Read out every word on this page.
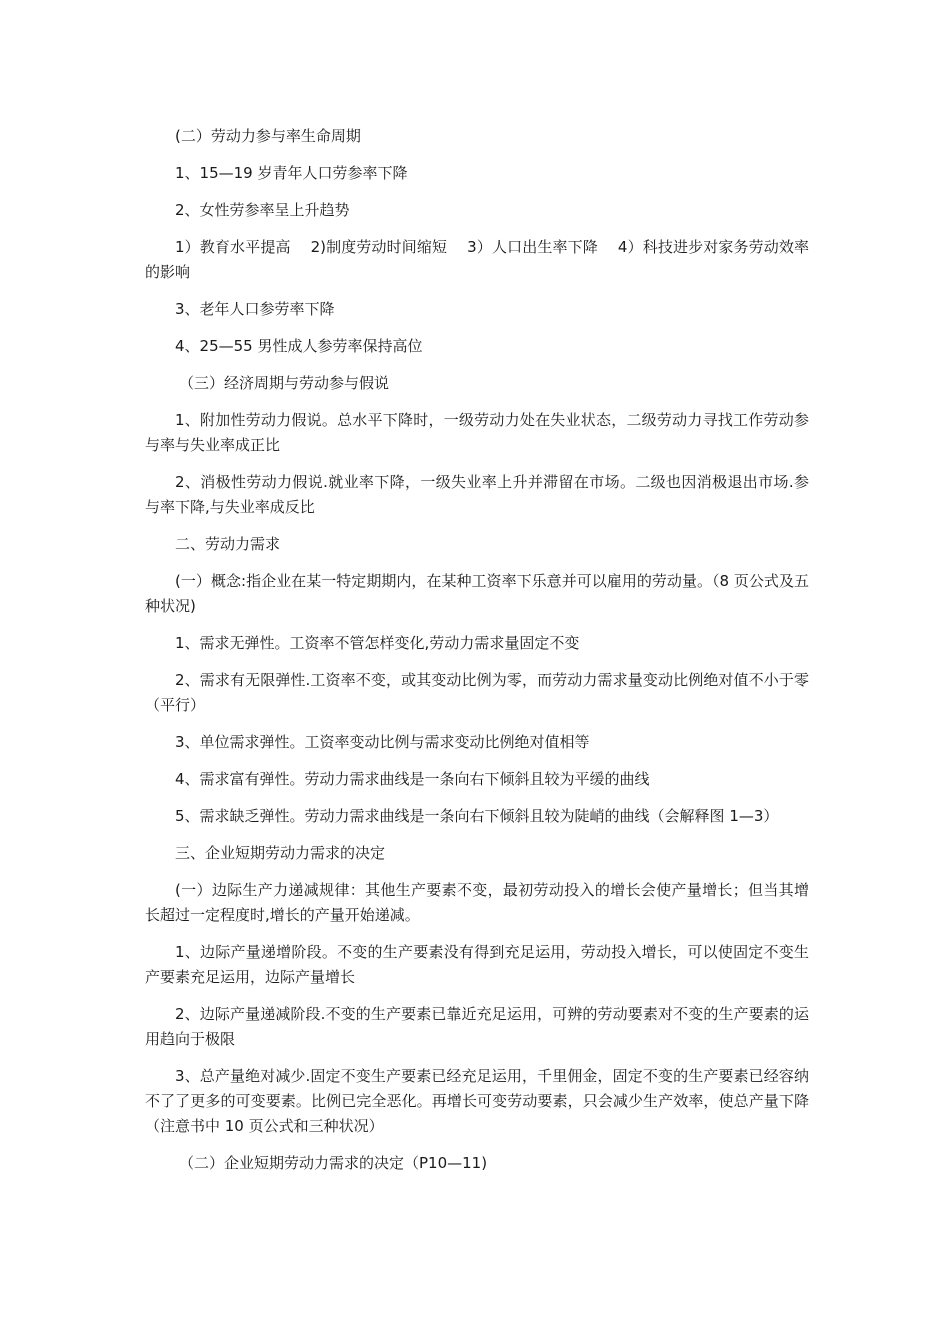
(二）劳动力参与率生命周期

1、15—19 岁青年人口劳参率下降

2、女性劳参率呈上升趋势

1）教育水平提高　 2)制度劳动时间缩短　 3）人口出生率下降　 4）科技进步对家务劳动效率的影响

3、老年人口参劳率下降

4、25—55 男性成人参劳率保持高位

（三）经济周期与劳动参与假说

1、附加性劳动力假说。总水平下降时，一级劳动力处在失业状态，二级劳动力寻找工作劳动参与率与失业率成正比

2、消极性劳动力假说.就业率下降，一级失业率上升并滞留在市场。二级也因消极退出市场.参与率下降,与失业率成反比

二、劳动力需求

(一）概念:指企业在某一特定期期内，在某种工资率下乐意并可以雇用的劳动量。（8 页公式及五种状况)

1、需求无弹性。工资率不管怎样变化,劳动力需求量固定不变

2、需求有无限弹性.工资率不变，或其变动比例为零，而劳动力需求量变动比例绝对值不小于零（平行）

3、单位需求弹性。工资率变动比例与需求变动比例绝对值相等

4、需求富有弹性。劳动力需求曲线是一条向右下倾斜且较为平缓的曲线

5、需求缺乏弹性。劳动力需求曲线是一条向右下倾斜且较为陡峭的曲线（会解释图 1—3）

三、企业短期劳动力需求的决定

(一）边际生产力递减规律：其他生产要素不变，最初劳动投入的增长会使产量增长；但当其增长超过一定程度时,增长的产量开始递减。

1、边际产量递增阶段。不变的生产要素没有得到充足运用，劳动投入增长，可以使固定不变生产要素充足运用，边际产量增长

2、边际产量递减阶段.不变的生产要素已靠近充足运用，可辨的劳动要素对不变的生产要素的运用趋向于极限

3、总产量绝对减少.固定不变生产要素已经充足运用，千里佣金，固定不变的生产要素已经容纳不了了更多的可变要素。比例已完全恶化。再增长可变劳动要素，只会减少生产效率，使总产量下降（注意书中 10 页公式和三种状况）

（二）企业短期劳动力需求的决定（P10—11)
